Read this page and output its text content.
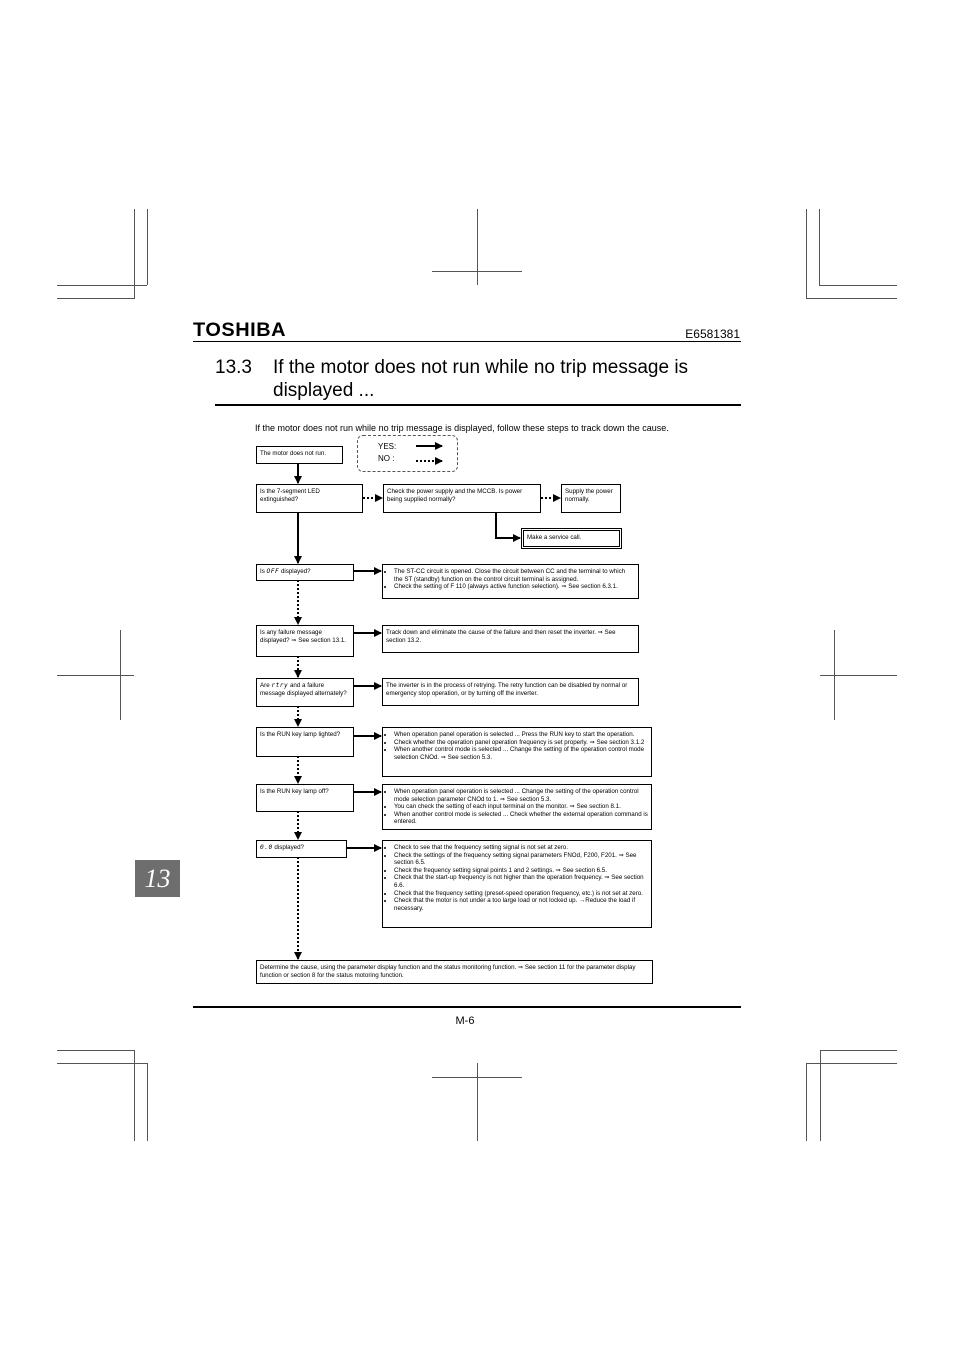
TOSHIBA	E6581381
13.3 If the motor does not run while no trip message is displayed ...
If the motor does not run while no trip message is displayed, follow these steps to track down the cause.
YES:
NO :
The motor does not run.
Is the 7-segment LED extinguished?
Check the power supply and the MCCB. Is power being supplied normally?
Supply the power normally.
Make a service call.
Is OFF displayed?	• The ST-CC circuit is opened. Close the circuit between CC and the terminal to which the ST (standby) function on the control circuit terminal is assigned.
• Check the setting of F 110 (always active function selection). ⇒ See section 6.3.1.
Is any failure message displayed? ⇒ See section 13.1.
Track down and eliminate the cause of the failure and then reset the inverter. ⇒ See section 13.2.
Are rtry and a failure message displayed alternately?
The inverter is in the process of retrying. The retry function can be disabled by normal or emergency stop operation, or by turning off the inverter.
Is the RUN key lamp lighted?	• When operation panel operation is selected ... Press the RUN key to start the operation.
• Check whether the operation panel operation frequency is set properly. ⇒ See section 3.1.2
• When another control mode is selected ... Change the setting of the operation control mode selection CNOd. ⇒ See section 5.3.
Is the RUN key lamp off?	• When operation panel operation is selected ... Change the setting of the operation control mode selection parameter CNOd to 1. ⇒ See section 5.3.
• You can check the setting of each input terminal on the monitor. ⇒ See section 8.1.
• When another control mode is selected ... Check whether the external operation command is entered.
0.0 displayed?	• Check to see that the frequency setting signal is not set at zero.
• Check the settings of the frequency setting signal parameters FNOd, F200, F201. ⇒ See section 6.5.
• Check the frequency setting signal points 1 and 2 settings. ⇒ See section 6.5.
• Check that the start-up frequency is not higher than the operation frequency. ⇒ See section 6.6.
• Check that the frequency setting (preset-speed operation frequency, etc.) is not set at zero.
• Check that the motor is not under a too large load or not locked up. →Reduce the load if necessary.
Determine the cause, using the parameter display function and the status monitoring function. ⇒ See section 11 for the parameter display function or section 8 for the status motoring function.
13
M-6
